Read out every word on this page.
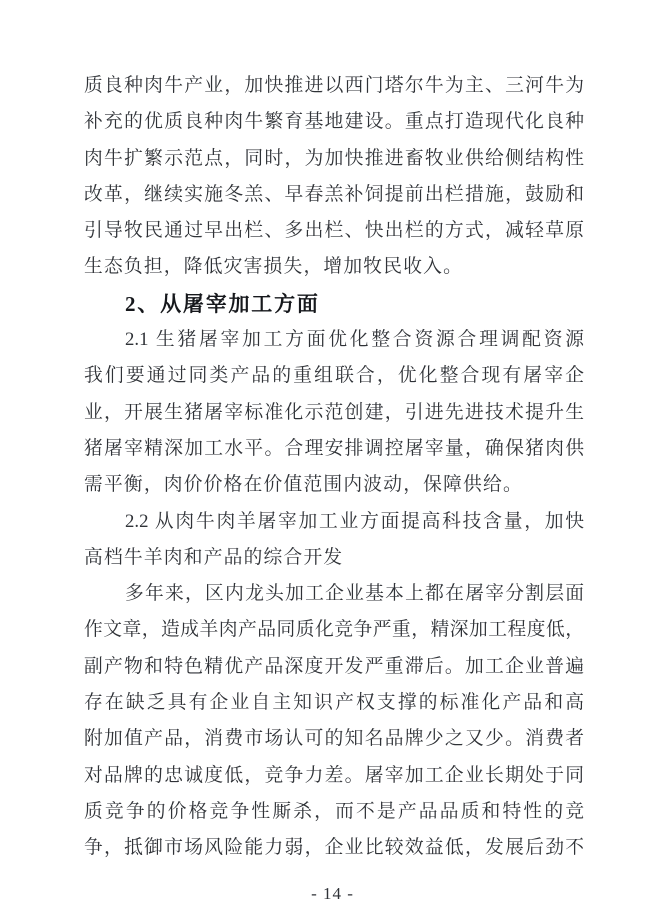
质良种肉牛产业，加快推进以西门塔尔牛为主、三河牛为
补充的优质良种肉牛繁育基地建设。重点打造现代化良种
肉牛扩繁示范点，同时，为加快推进畜牧业供给侧结构性
改革，继续实施冬羔、早春羔补饲提前出栏措施，鼓励和
引导牧民通过早出栏、多出栏、快出栏的方式，减轻草原
生态负担，降低灾害损失，增加牧民收入。
2、从屠宰加工方面
2.1 生猪屠宰加工方面优化整合资源合理调配资源
我们要通过同类产品的重组联合，优化整合现有屠宰企
业，开展生猪屠宰标准化示范创建，引进先进技术提升生
猪屠宰精深加工水平。合理安排调控屠宰量，确保猪肉供
需平衡，肉价价格在价值范围内波动，保障供给。
2.2 从肉牛肉羊屠宰加工业方面提高科技含量，加快
高档牛羊肉和产品的综合开发
多年来，区内龙头加工企业基本上都在屠宰分割层面
作文章，造成羊肉产品同质化竞争严重，精深加工程度低，
副产物和特色精优产品深度开发严重滞后。加工企业普遍
存在缺乏具有企业自主知识产权支撑的标准化产品和高
附加值产品，消费市场认可的知名品牌少之又少。消费者
对品牌的忠诚度低，竞争力差。屠宰加工企业长期处于同
质竞争的价格竞争性厮杀，而不是产品品质和特性的竞
争，抵御市场风险能力弱，企业比较效益低，发展后劲不
- 14 -
